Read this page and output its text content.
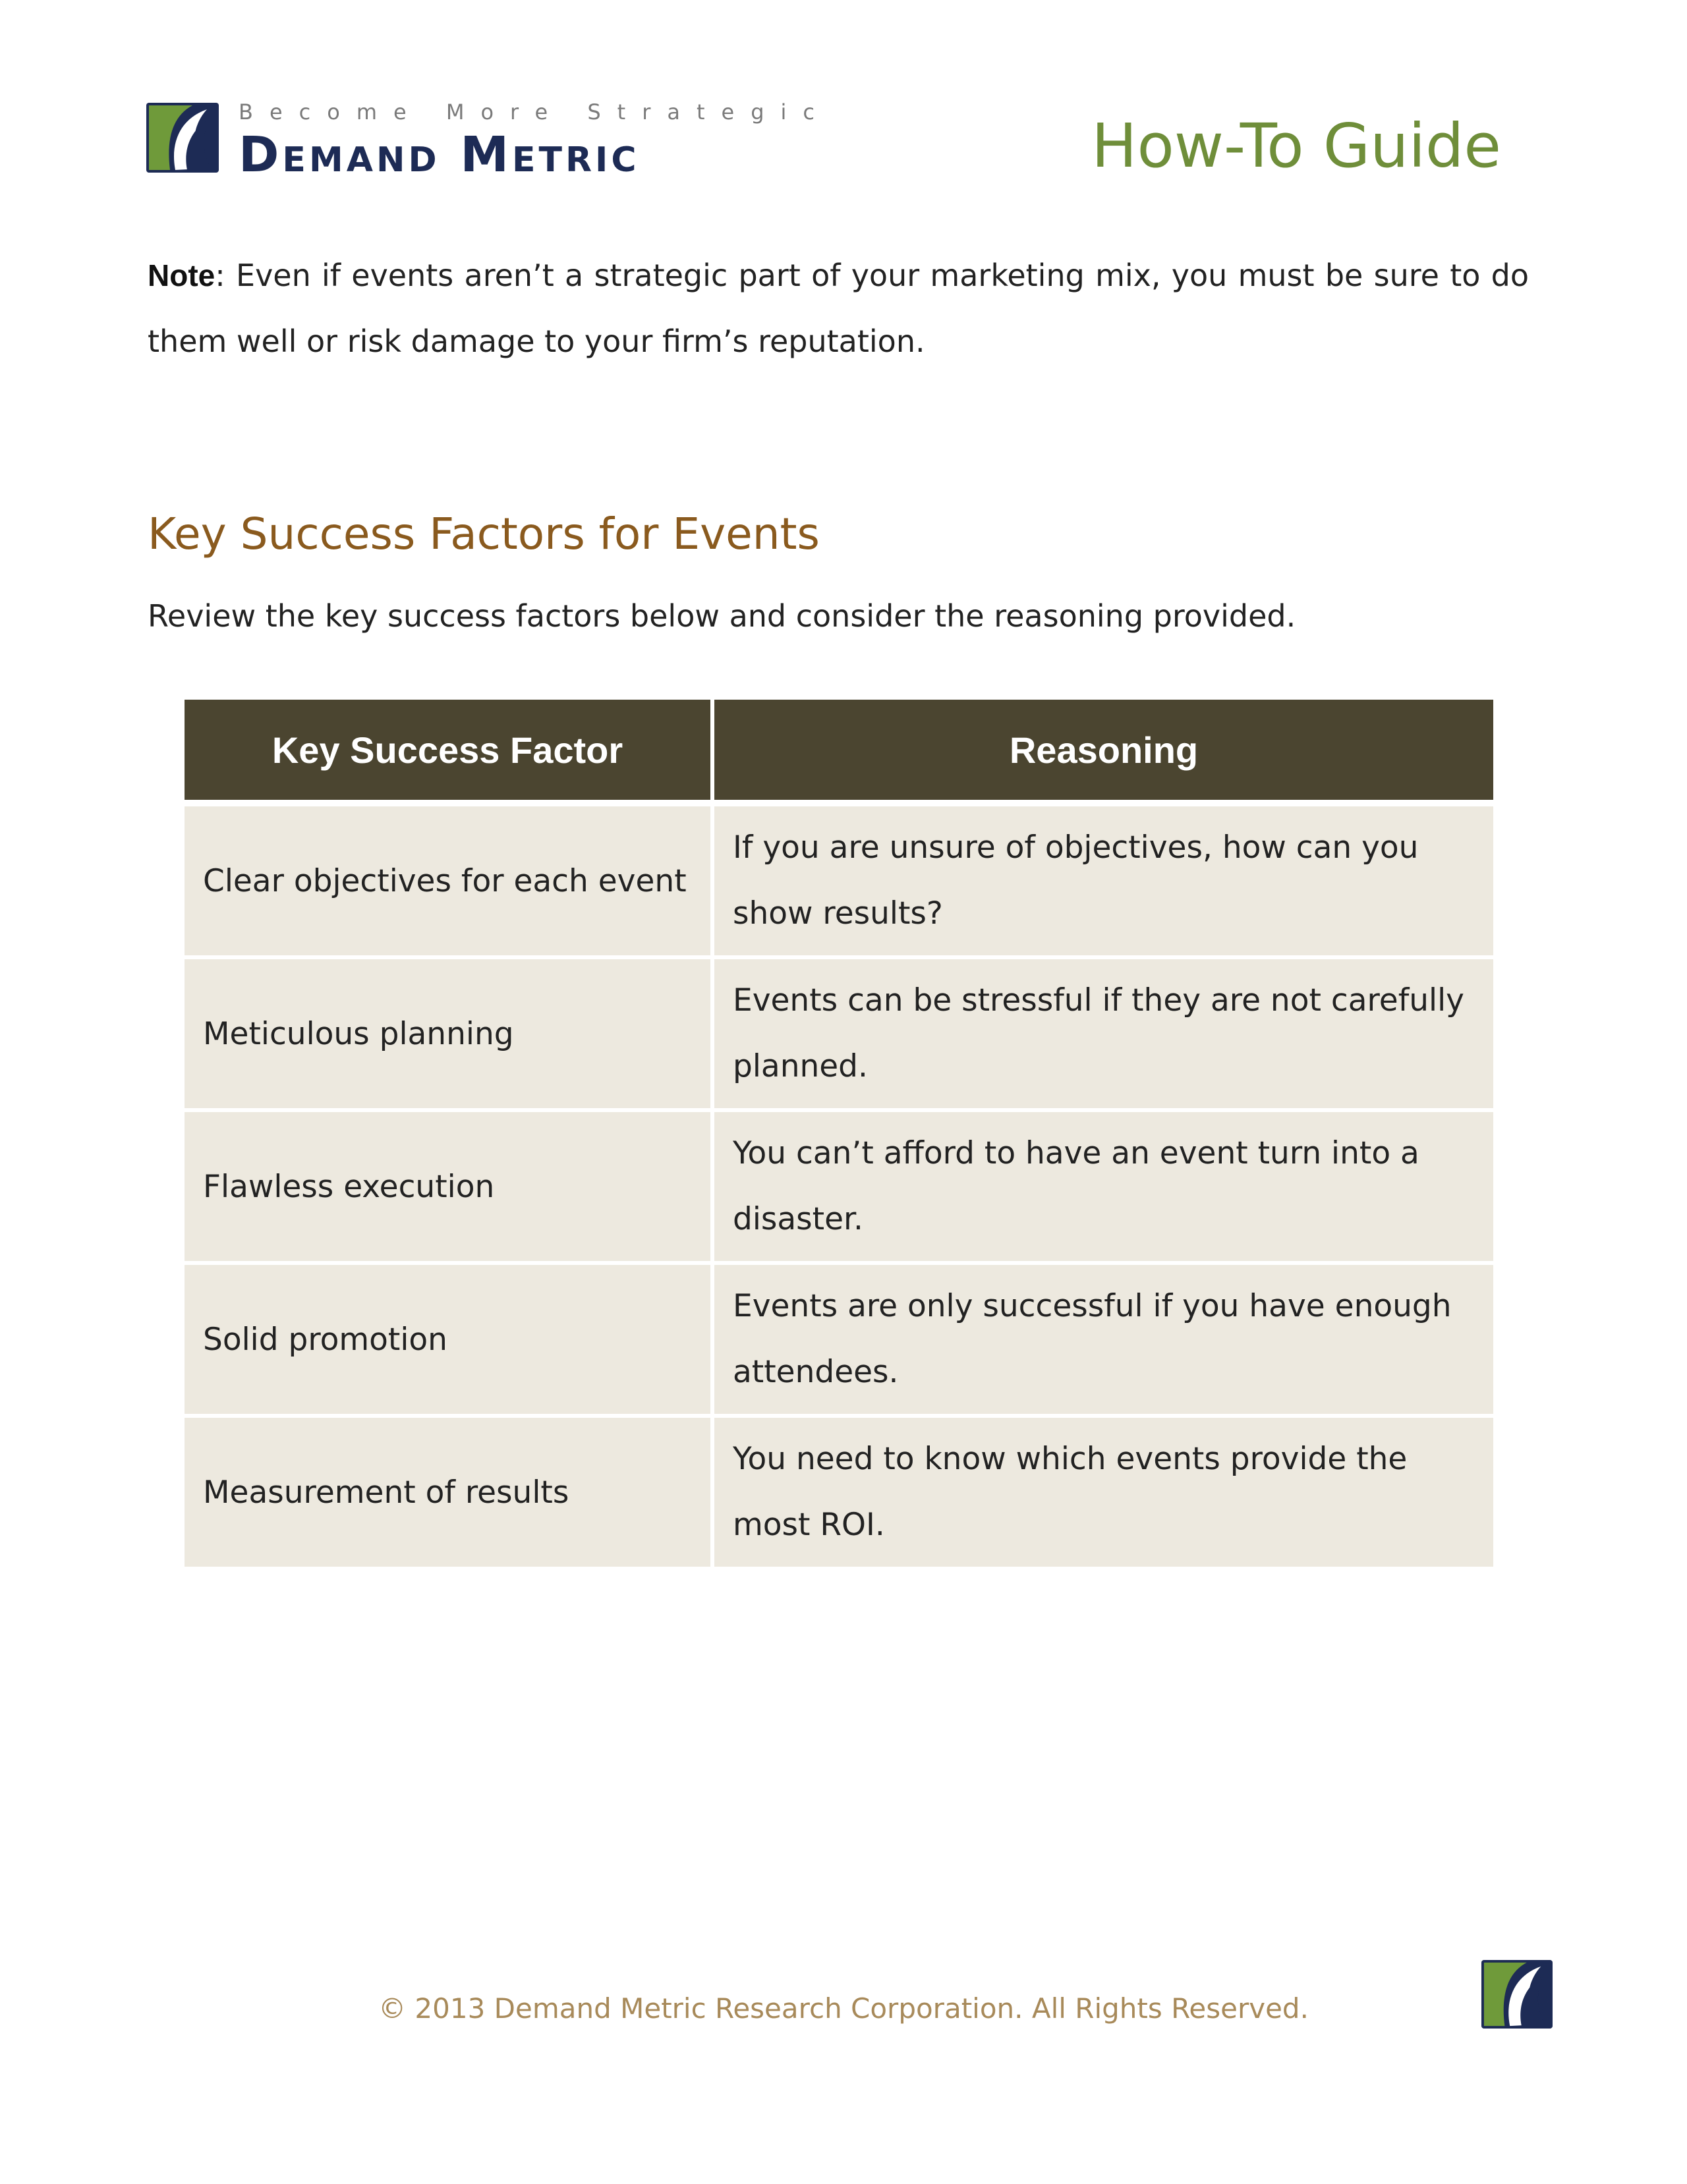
Become More Strategic
Demand Metric	How-To Guide
Note: Even if events aren’t a strategic part of your marketing mix, you must be sure to do them well or risk damage to your firm’s reputation.
Key Success Factors for Events
Review the key success factors below and consider the reasoning provided.
Key Success Factor	Reasoning
Clear objectives for each event	If you are unsure of objectives, how can you show results?
Meticulous planning	Events can be stressful if they are not carefully planned.
Flawless execution	You can’t afford to have an event turn into a disaster.
Solid promotion	Events are only successful if you have enough attendees.
Measurement of results	You need to know which events provide the most ROI.
© 2013 Demand Metric Research Corporation. All Rights Reserved.
